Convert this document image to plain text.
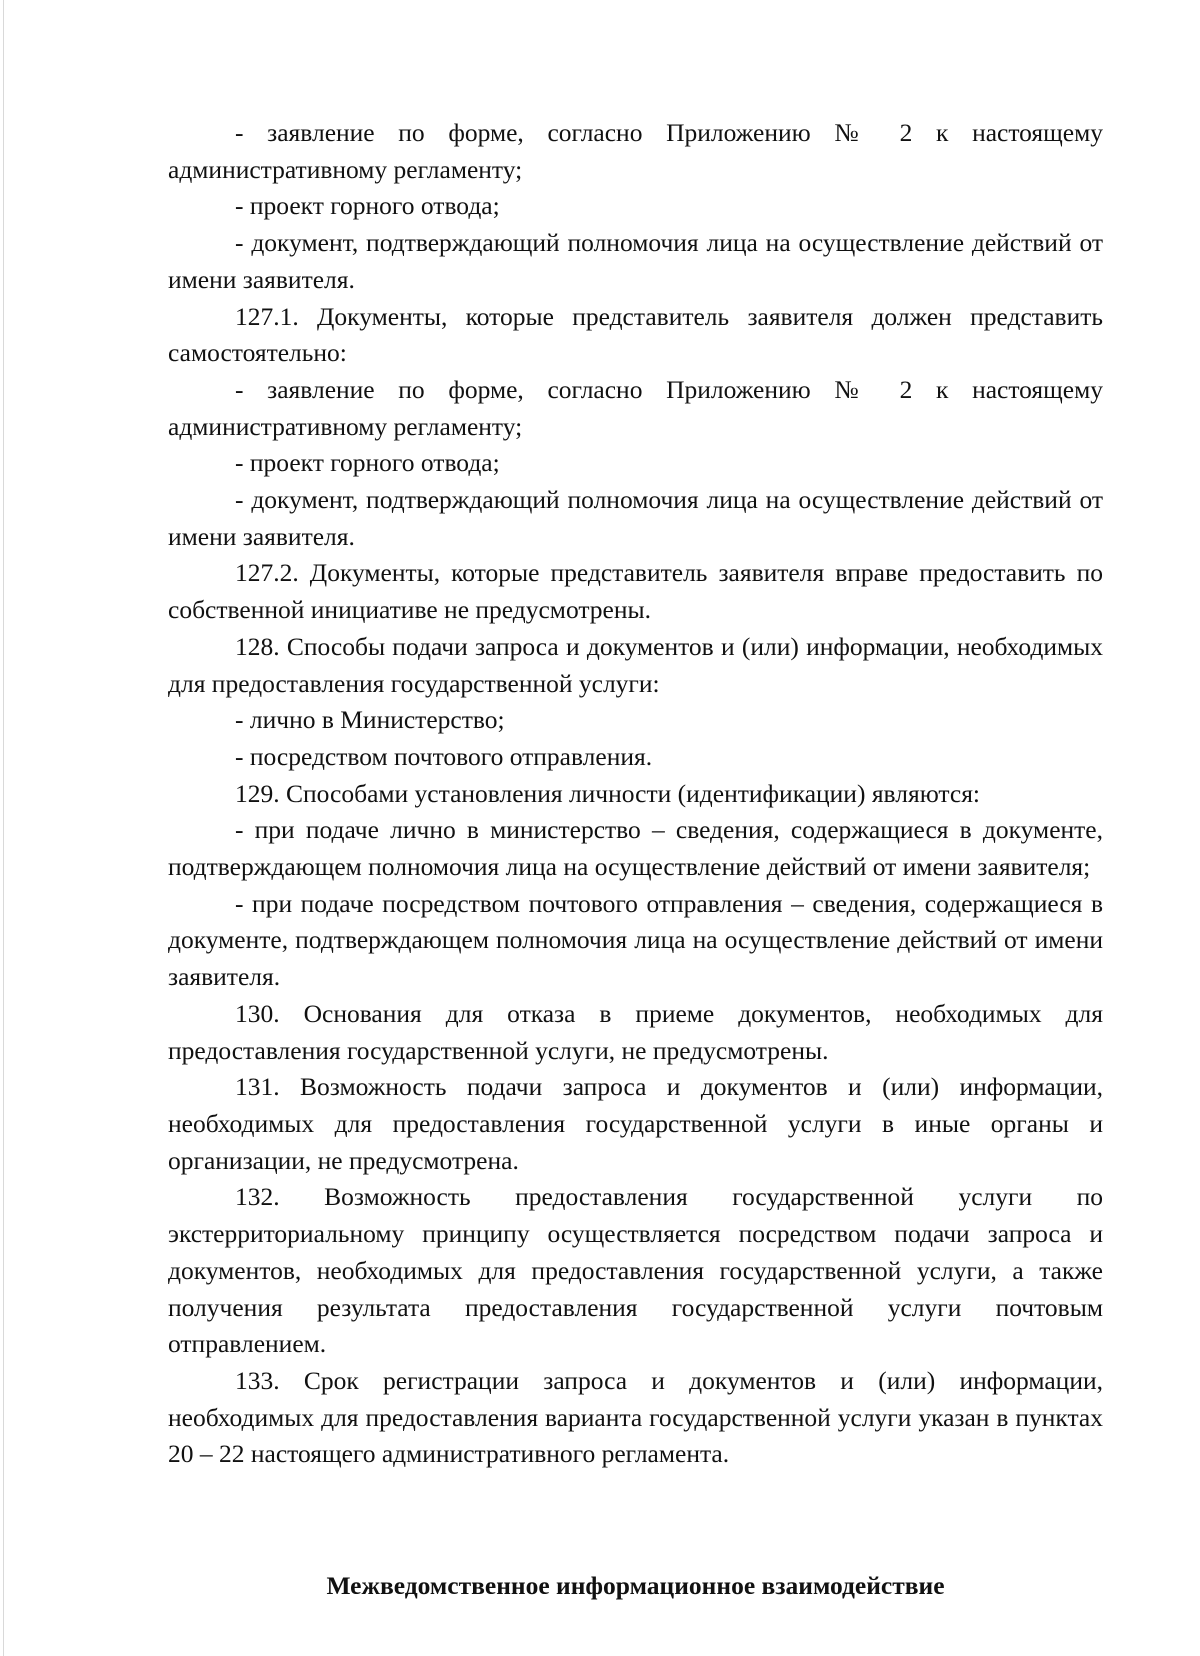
- заявление по форме, согласно Приложению № 2 к настоящему административному регламенту;

- проект горного отвода;

- документ, подтверждающий полномочия лица на осуществление действий от имени заявителя.

127.1. Документы, которые представитель заявителя должен представить самостоятельно:

- заявление по форме, согласно Приложению № 2 к настоящему административному регламенту;

- проект горного отвода;

- документ, подтверждающий полномочия лица на осуществление действий от имени заявителя.

127.2. Документы, которые представитель заявителя вправе предоставить по собственной инициативе не предусмотрены.

128. Способы подачи запроса и документов и (или) информации, необходимых для предоставления государственной услуги:

- лично в Министерство;

- посредством почтового отправления.

129. Способами установления личности (идентификации) являются:

- при подаче лично в министерство – сведения, содержащиеся в документе, подтверждающем полномочия лица на осуществление действий от имени заявителя;

- при подаче посредством почтового отправления – сведения, содержащиеся в документе, подтверждающем полномочия лица на осуществление действий от имени заявителя.

130. Основания для отказа в приеме документов, необходимых для предоставления государственной услуги, не предусмотрены.

131. Возможность подачи запроса и документов и (или) информации, необходимых для предоставления государственной услуги в иные органы и организации, не предусмотрена.

132. Возможность предоставления государственной услуги по экстерриториальному принципу осуществляется посредством подачи запроса и документов, необходимых для предоставления государственной услуги, а также получения результата предоставления государственной услуги почтовым отправлением.

133. Срок регистрации запроса и документов и (или) информации, необходимых для предоставления варианта государственной услуги указан в пунктах 20 – 22 настоящего административного регламента.

Межведомственное информационное взаимодействие
